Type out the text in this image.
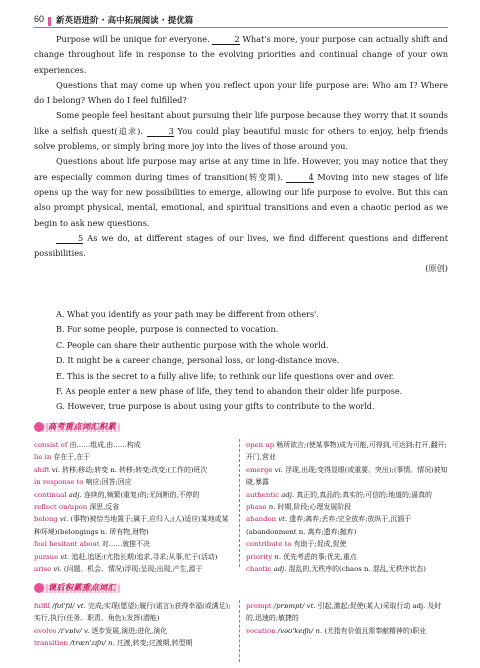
60 新英语进阶 · 高中拓展阅读 · 提优篇

Purpose will be unique for everyone.	2 What's more, your purpose can actually shift and change throughout life in response to the evolving priorities and continual change of your own experiences.

Questions that may come up when you reflect upon your life purpose are: Who am I? Where do I belong? When do I feel fulfilled?

Some people feel hesitant about pursuing their life purpose because they worry that it sounds like a selfish quest(追求).	3 You could play beautiful music for others to enjoy, help friends solve problems, or simply bring more joy into the lives of those around you.

Questions about life purpose may arise at any time in life. However, you may notice that they are especially common during times of transition(转变期).	4 Moving into new stages of life opens up the way for new possibilities to emerge, allowing our life purpose to evolve. But this can also prompt physical, mental, emotional, and spiritual transitions and even a chaotic period as we begin to ask new questions.

5 As we do, at different stages of our lives, we find different questions and different possibilities.

(原创)

A. What you identify as your path may be different from others'.
B. For some people, purpose is connected to vocation.
C. People can share their authentic purpose with the whole world.
D. It might be a career change, personal loss, or long-distance move.
E. This is the secret to a fully alive life; to rethink our life questions over and over.
F. As people enter a new phase of life, they tend to abandon their older life purpose.
G. However, true purpose is about using your gifts to contribute to the world.
高考重点词汇积累

consist of 由……组成,由……构成

lie in 存在于,在于

shift vi. 转移;移动;转变 n. 转移;转变;改变;(工作的)班次

in response to 响应;回答;回应

continual adj. 连续的,频繁(重复)的;无间断的,不停的

reflect on/upon 深思,反省

belong vi. (事物)被恰当地置于;属于,应归入;(人)适应(某地或某种环境)(belongings n. 所有物,财物)

feel hesitant about 对……就推不决

pursue vt. 追赶,追逐;(尤指长期)追求,寻求;从事,忙于(活动)

arise vi. (问题、机会、情况)浮现;呈现;出现,产生,源于

open up 畅所欲言;(使某事物)成为可能,可得到,可达到;打开,翻开;开门,营业

emerge vi. 浮现,出现;变得显眼(或重要、突出);(事情、情况)被知晓,暴露

authentic adj. 真正的,真品的;真实的;可信的;地道的;逼真的

phase n. 时期,阶段;心理发展阶段

abandon vt. 遗弃;离弃;丢弃;完全放弃;放纵于,沉湎于(abandonment n. 离弃;遗弃;抛弃)

contribute to 有助于;促成,促使

priority n. 优先考虑的事;优先,重点

chaotic adj. 混乱的,无秩序的(chaos n. 混乱,无秩序状态)

课后积累重点词汇

fulfil /fʊl'fɪl/ vt. 完成;实现(愿望);履行(诺言);获得幸福(或满足);实行,执行(任务、职责、角色);发挥(潜能)

evolve /ɪ'vɒlv/ v. 逐步发展,演进;进化,演化

transition /træn'zɪʃn/ n. 过渡,转变;过渡期,转型期

prompt /prɒmpt/ vt. 引起,激起;促使(某人)采取行动 adj. 及时的,迅速的;敏捷的

vocation /vəʊ'keɪʃn/ n. (尤指有价值且需奉献精神的)职业
